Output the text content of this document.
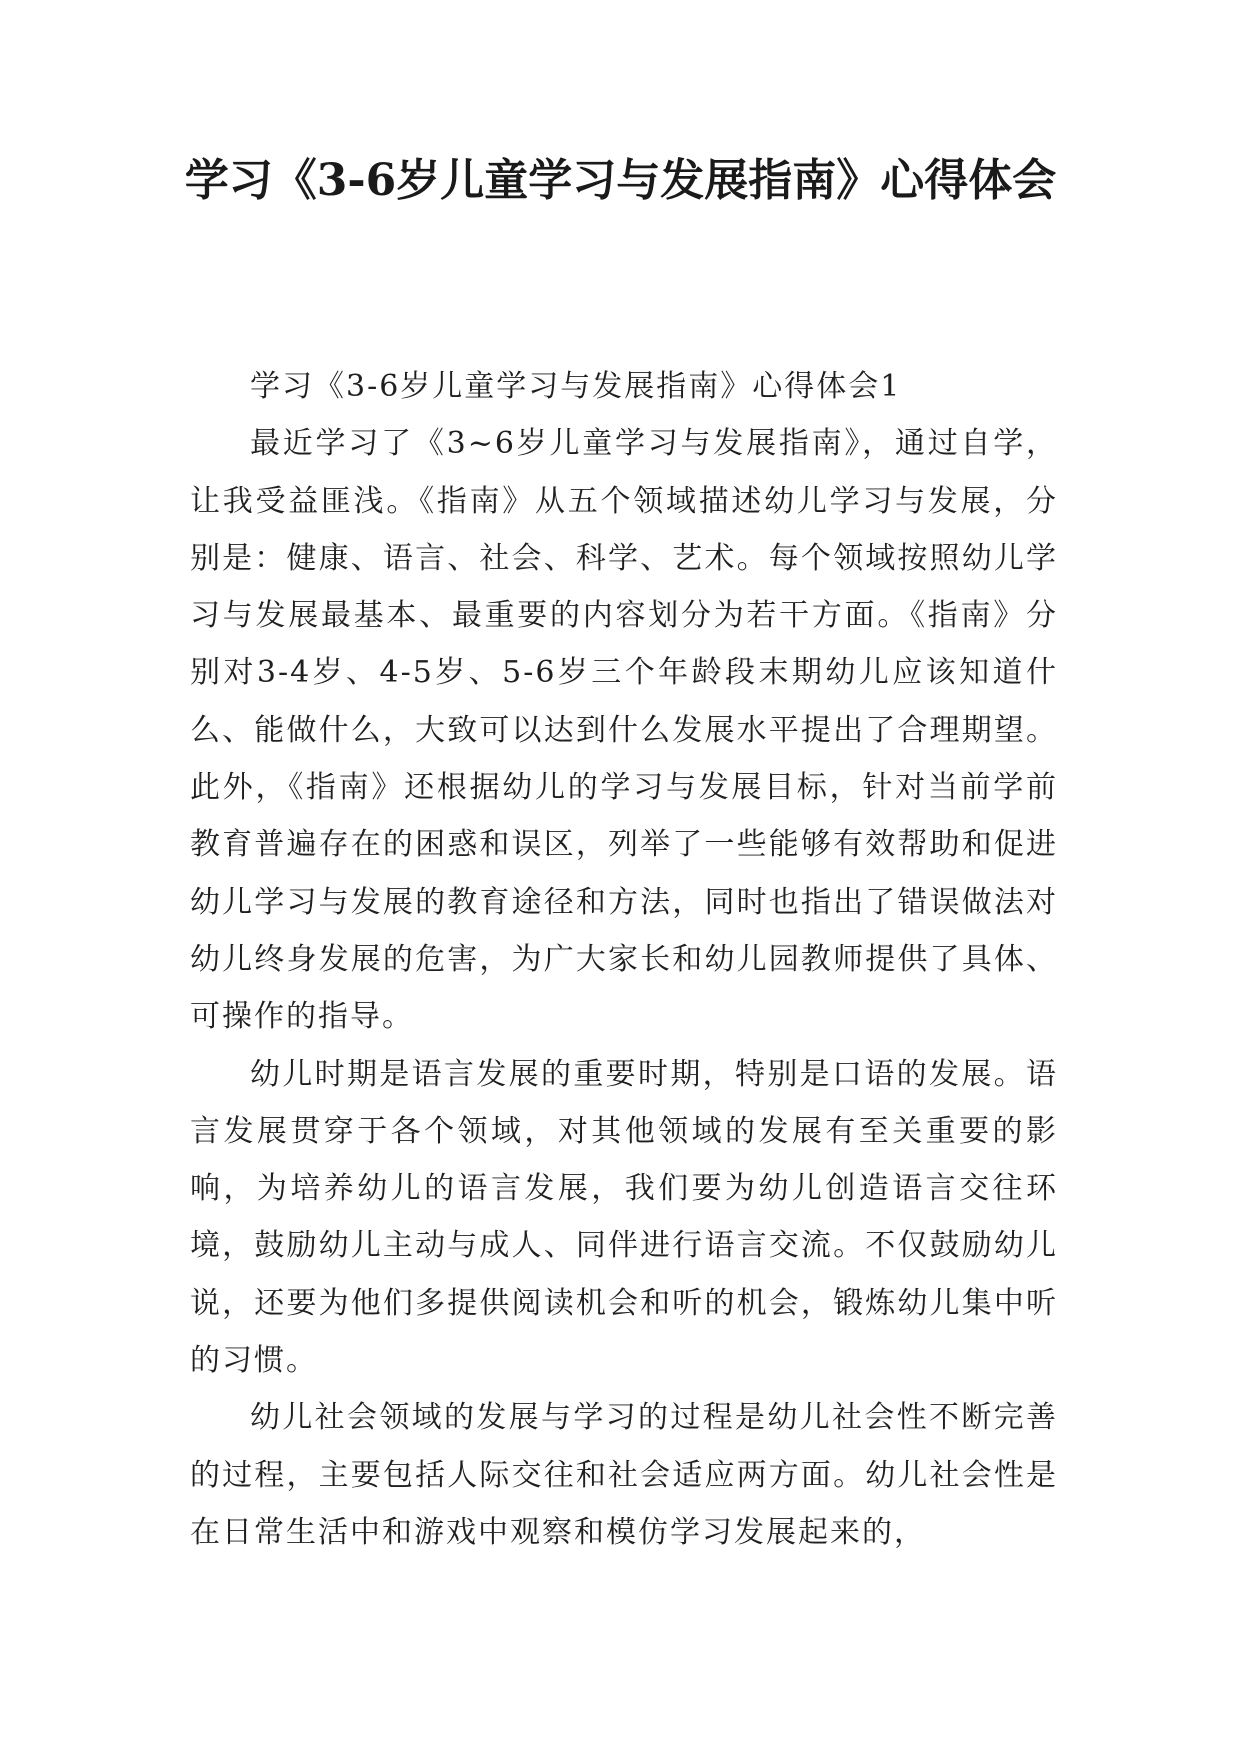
学习《3-6岁儿童学习与发展指南》心得体会

学习《3-6岁儿童学习与发展指南》心得体会1

最近学习了《3~6岁儿童学习与发展指南》，通过自学，让我受益匪浅。《指南》从五个领域描述幼儿学习与发展，分别是：健康、语言、社会、科学、艺术。每个领域按照幼儿学习与发展最基本、最重要的内容划分为若干方面。《指南》分别对3-4岁、4-5岁、5-6岁三个年龄段末期幼儿应该知道什么、能做什么，大致可以达到什么发展水平提出了合理期望。此外，《指南》还根据幼儿的学习与发展目标，针对当前学前教育普遍存在的困惑和误区，列举了一些能够有效帮助和促进幼儿学习与发展的教育途径和方法，同时也指出了错误做法对幼儿终身发展的危害，为广大家长和幼儿园教师提供了具体、可操作的指导。

幼儿时期是语言发展的重要时期，特别是口语的发展。语言发展贯穿于各个领域，对其他领域的发展有至关重要的影响，为培养幼儿的语言发展，我们要为幼儿创造语言交往环境，鼓励幼儿主动与成人、同伴进行语言交流。不仅鼓励幼儿说，还要为他们多提供阅读机会和听的机会，锻炼幼儿集中听的习惯。

幼儿社会领域的发展与学习的过程是幼儿社会性不断完善的过程，主要包括人际交往和社会适应两方面。幼儿社会性是在日常生活中和游戏中观察和模仿学习发展起来的，
